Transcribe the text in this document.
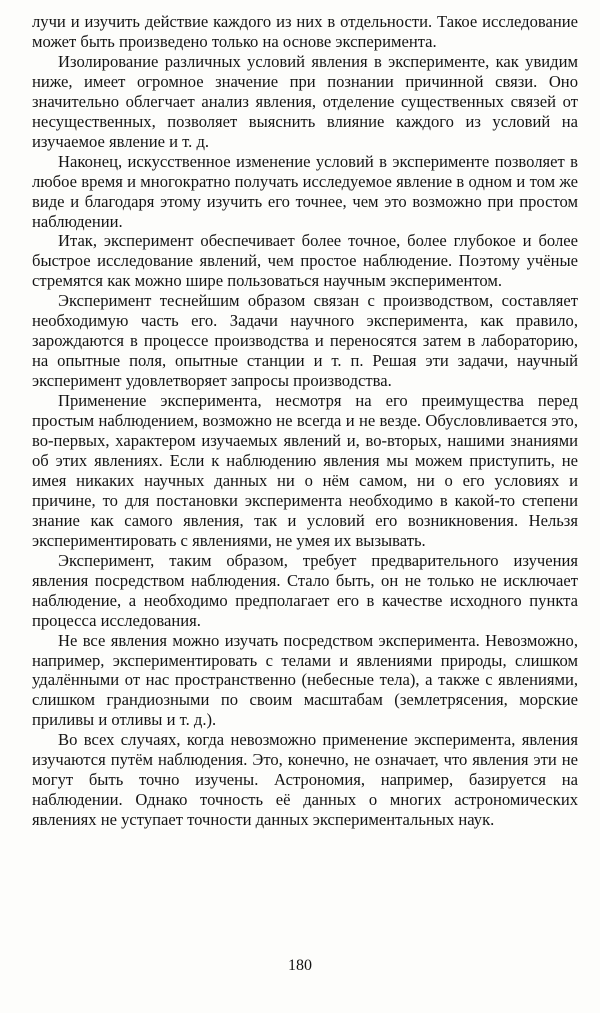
лучи и изучить действие каждого из них в отдельности. Такое исследование может быть произведено только на основе эксперимента.

Изолирование различных условий явления в эксперименте, как увидим ниже, имеет огромное значение при познании причинной связи. Оно значительно облегчает анализ явления, отделение существенных связей от несущественных, позволяет выяснить влияние каждого из условий на изучаемое явление и т. д.

Наконец, искусственное изменение условий в эксперименте позволяет в любое время и многократно получать исследуемое явление в одном и том же виде и благодаря этому изучить его точнее, чем это возможно при простом наблюдении.

Итак, эксперимент обеспечивает более точное, более глубокое и более быстрое исследование явлений, чем простое наблюдение. Поэтому учёные стремятся как можно шире пользоваться научным экспериментом.

Эксперимент теснейшим образом связан с производством, составляет необходимую часть его. Задачи научного эксперимента, как правило, зарождаются в процессе производства и переносятся затем в лабораторию, на опытные поля, опытные станции и т. п. Решая эти задачи, научный эксперимент удовлетворяет запросы производства.

Применение эксперимента, несмотря на его преимущества перед простым наблюдением, возможно не всегда и не везде. Обусловливается это, во-первых, характером изучаемых явлений и, во-вторых, нашими знаниями об этих явлениях. Если к наблюдению явления мы можем приступить, не имея никаких научных данных ни о нём самом, ни о его условиях и причине, то для постановки эксперимента необходимо в какой-то степени знание как самого явления, так и условий его возникновения. Нельзя экспериментировать с явлениями, не умея их вызывать.

Эксперимент, таким образом, требует предварительного изучения явления посредством наблюдения. Стало быть, он не только не исключает наблюдение, а необходимо предполагает его в качестве исходного пункта процесса исследования.

Не все явления можно изучать посредством эксперимента. Невозможно, например, экспериментировать с телами и явлениями природы, слишком удалёнными от нас пространственно (небесные тела), а также с явлениями, слишком грандиозными по своим масштабам (землетрясения, морские приливы и отливы и т. д.).

Во всех случаях, когда невозможно применение эксперимента, явления изучаются путём наблюдения. Это, конечно, не означает, что явления эти не могут быть точно изучены. Астрономия, например, базируется на наблюдении. Однако точность её данных о многих астрономических явлениях не уступает точности данных экспериментальных наук.

180
